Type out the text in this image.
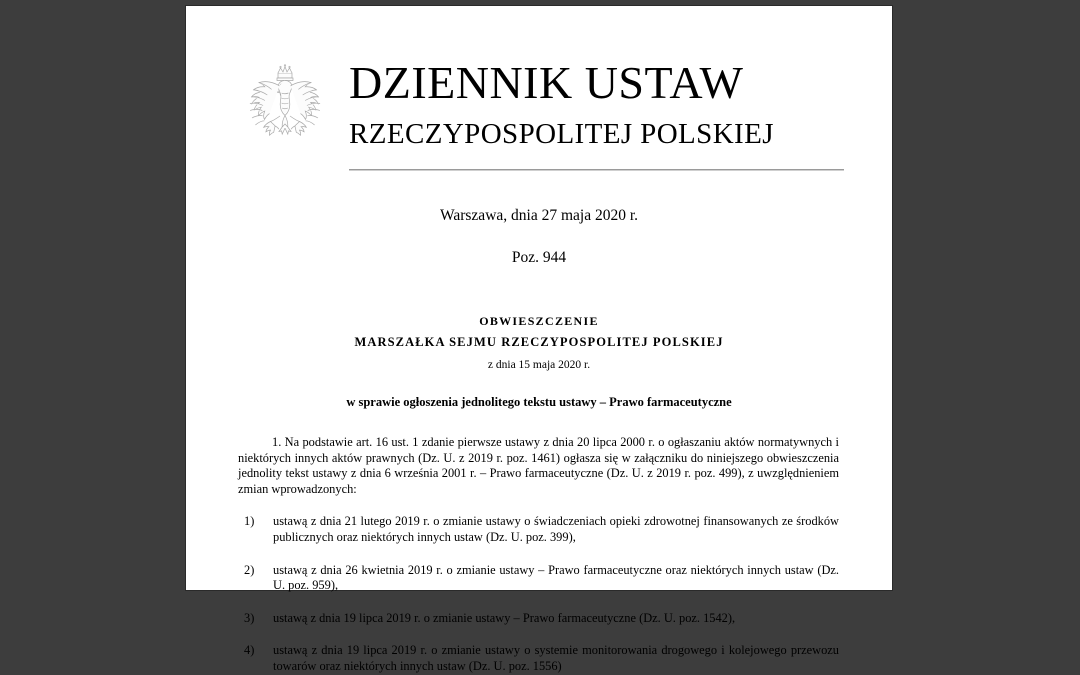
DZIENNIK USTAW
RZECZYPOSPOLITEJ POLSKIEJ
Warszawa, dnia 27 maja 2020 r.
Poz. 944
OBWIESZCZENIE
MARSZAŁKA SEJMU RZECZYPOSPOLITEJ POLSKIEJ
z dnia 15 maja 2020 r.
w sprawie ogłoszenia jednolitego tekstu ustawy – Prawo farmaceutyczne
1. Na podstawie art. 16 ust. 1 zdanie pierwsze ustawy z dnia 20 lipca 2000 r. o ogłaszaniu aktów normatywnych i niektórych innych aktów prawnych (Dz. U. z 2019 r. poz. 1461) ogłasza się w załączniku do niniejszego obwieszczenia jednolity tekst ustawy z dnia 6 września 2001 r. – Prawo farmaceutyczne (Dz. U. z 2019 r. poz. 499), z uwzględnieniem zmian wprowadzonych:
1)	ustawą z dnia 21 lutego 2019 r. o zmianie ustawy o świadczeniach opieki zdrowotnej finansowanych ze środków publicznych oraz niektórych innych ustaw (Dz. U. poz. 399),
2)	ustawą z dnia 26 kwietnia 2019 r. o zmianie ustawy – Prawo farmaceutyczne oraz niektórych innych ustaw (Dz. U. poz. 959),
3)	ustawą z dnia 19 lipca 2019 r. o zmianie ustawy – Prawo farmaceutyczne (Dz. U. poz. 1542),
4)	ustawą z dnia 19 lipca 2019 r. o zmianie ustawy o systemie monitorowania drogowego i kolejowego przewozu towarów oraz niektórych innych ustaw (Dz. U. poz. 1556)
